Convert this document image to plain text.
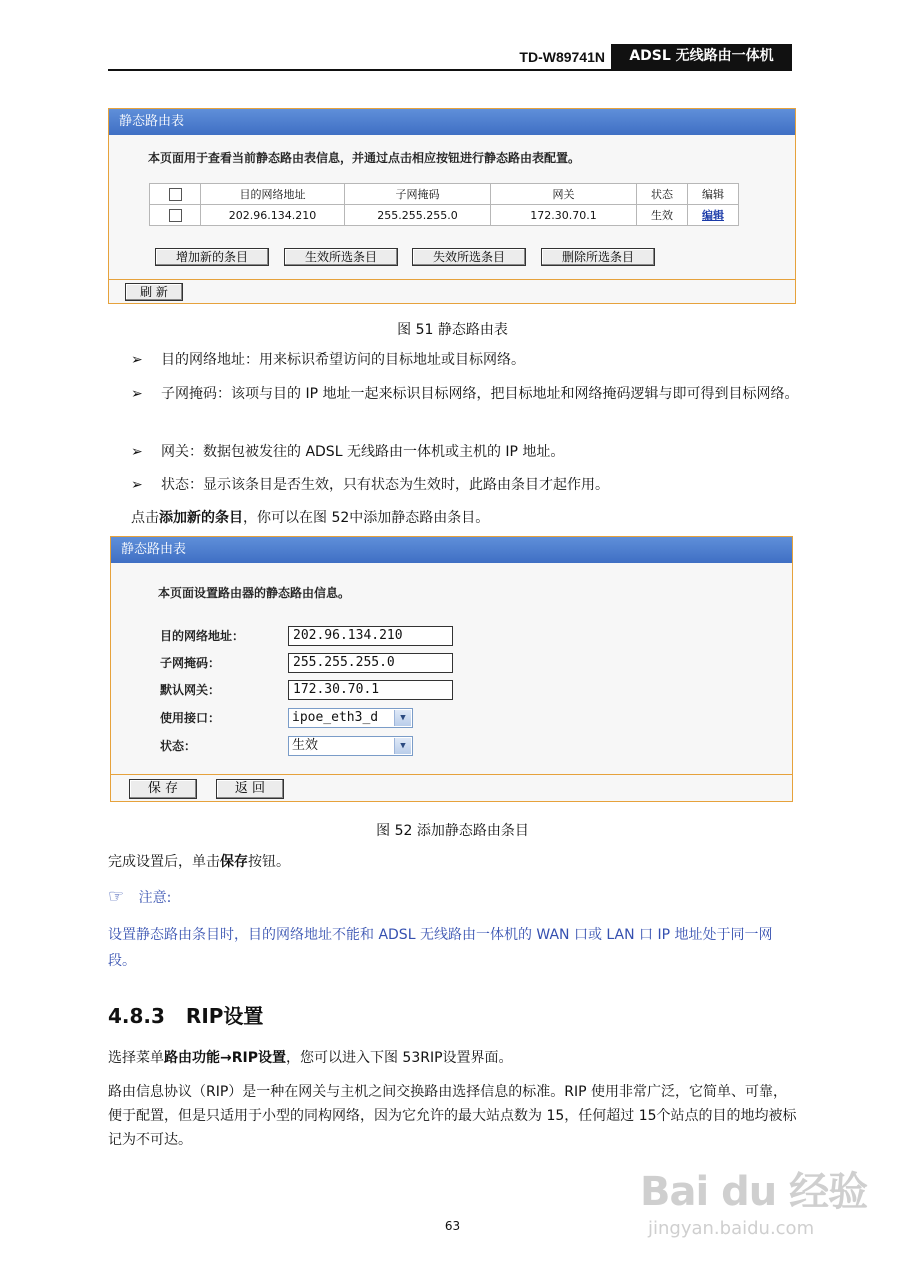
TD-W89741N	ADSL 无线路由一体机
静态路由表
本页面用于查看当前静态路由表信息，并通过点击相应按钮进行静态路由表配置。
	目的网络地址	子网掩码	网关	状态	编辑
	202.96.134.210	255.255.255.0	172.30.70.1	生效	编辑
增加新的条目	生效所选条目	失效所选条目	删除所选条目
刷 新
图 51 静态路由表
➢ 目的网络地址：用来标识希望访问的目标地址或目标网络。
➢ 子网掩码：该项与目的 IP 地址一起来标识目标网络，把目标地址和网络掩码逻辑与即可得到目标网络。
➢ 网关：数据包被发往的 ADSL 无线路由一体机或主机的 IP 地址。
➢ 状态：显示该条目是否生效，只有状态为生效时，此路由条目才起作用。
点击添加新的条目，你可以在图 52中添加静态路由条目。
静态路由表
本页面设置路由器的静态路由信息。
目的网络地址：	202.96.134.210
子网掩码：	255.255.255.0
默认网关：	172.30.70.1
使用接口：	ipoe_eth3_d	▼
状态：	生效	▼
保 存	返 回
图 52 添加静态路由条目
完成设置后，单击保存按钮。
☞ 注意:
设置静态路由条目时，目的网络地址不能和 ADSL 无线路由一体机的 WAN 口或 LAN 口 IP 地址处于同一网段。
4.8.3 RIP设置
选择菜单路由功能→RIP设置，您可以进入下图 53RIP设置界面。
路由信息协议（RIP）是一种在网关与主机之间交换路由选择信息的标准。RIP 使用非常广泛，它简单、可靠，便于配置，但是只适用于小型的同构网络，因为它允许的最大站点数为 15，任何超过 15个站点的目的地均被标记为不可达。
63
Bai du 经验
jingyan.baidu.com
